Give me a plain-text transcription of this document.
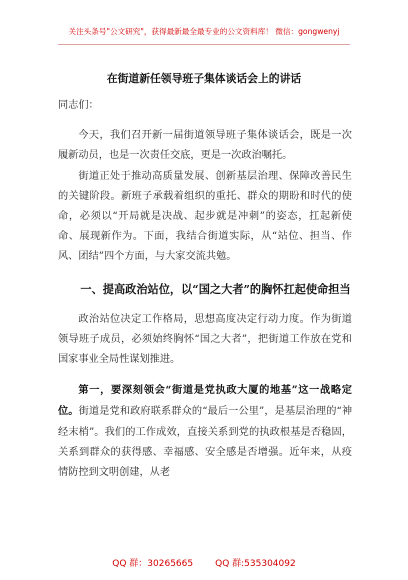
关注头条号"公文研究"，获得最新最全最专业的公文资料库！ 微信：gongwenyj
在街道新任领导班子集体谈话会上的讲话

同志们：

今天，我们召开新一届街道领导班子集体谈话会，既是一次履新动员，也是一次责任交底，更是一次政治嘱托。

街道正处于推动高质量发展、创新基层治理、保障改善民生的关键阶段。新班子承载着组织的重托、群众的期盼和时代的使命，必须以“开局就是决战、起步就是冲刺”的姿态，扛起新使命、展现新作为。下面，我结合街道实际，从“站位、担当、作风、团结”四个方面，与大家交流共勉。

一、提高政治站位，以“国之大者”的胸怀扛起使命担当

政治站位决定工作格局，思想高度决定行动力度。作为街道领导班子成员，必须始终胸怀“国之大者”，把街道工作放在党和国家事业全局性谋划推进。

第一，要深刻领会“街道是党执政大厦的地基”这一战略定位。街道是党和政府联系群众的“最后一公里”，是基层治理的“神经末梢”。我们的工作成效，直接关系到党的执政根基是否稳固，关系到群众的获得感、幸福感、安全感是否增强。近年来，从疫情防控到文明创建，从老

QQ 群：30265665 QQ 群:535304092
